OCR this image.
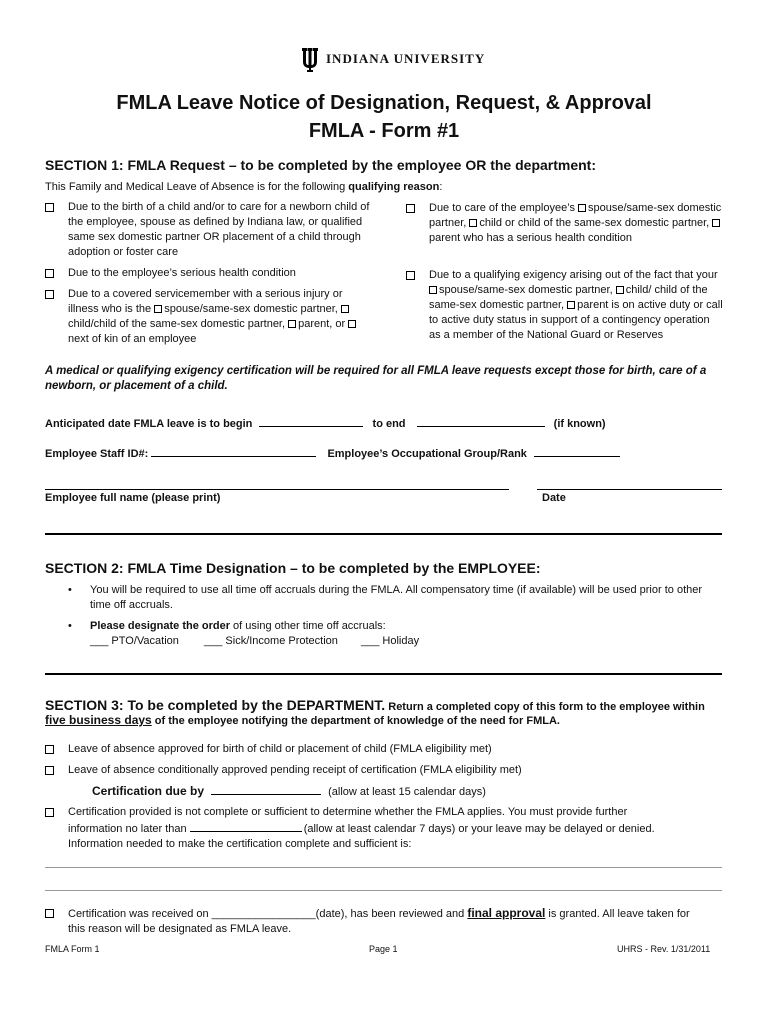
INDIANA UNIVERSITY
FMLA Leave Notice of Designation, Request, & Approval
FMLA - Form #1
SECTION 1: FMLA Request – to be completed by the employee OR the department:
This Family and Medical Leave of Absence is for the following qualifying reason:
Due to the birth of a child and/or to care for a newborn child of the employee, spouse as defined by Indiana law, or qualified same sex domestic partner OR placement of a child through adoption or foster care
Due to the employee’s serious health condition
Due to a covered servicemember with a serious injury or illness who is the spouse/same-sex domestic partner, child/child of the same-sex domestic partner, parent, or next of kin of an employee
Due to care of the employee’s spouse/same-sex domestic partner, child or child of the same-sex domestic partner, parent who has a serious health condition
Due to a qualifying exigency arising out of the fact that your spouse/same-sex domestic partner, child/ child of the same-sex domestic partner, parent is on active duty or call to active duty status in support of a contingency operation as a member of the National Guard or Reserves
A medical or qualifying exigency certification will be required for all FMLA leave requests except those for birth, care of a newborn, or placement of a child.
Anticipated date FMLA leave is to begin	to end	(if known)
Employee Staff ID#:	Employee’s Occupational Group/Rank
Employee full name (please print)	Date
SECTION 2: FMLA Time Designation – to be completed by the EMPLOYEE:
• You will be required to use all time off accruals during the FMLA. All compensatory time (if available) will be used prior to other time off accruals.
• Please designate the order of using other time off accruals:
___ PTO/Vacation ___ Sick/Income Protection ___ Holiday
SECTION 3: To be completed by the DEPARTMENT. Return a completed copy of this form to the employee within
five business days of the employee notifying the department of knowledge of the need for FMLA.
Leave of absence approved for birth of child or placement of child (FMLA eligibility met)
Leave of absence conditionally approved pending receipt of certification (FMLA eligibility met)
Certification due by	(allow at least 15 calendar days)
Certification provided is not complete or sufficient to determine whether the FMLA applies. You must provide further
information no later than	(allow at least calendar 7 days) or your leave may be delayed or denied.
Information needed to make the certification complete and sufficient is:
Certification was received on _________________(date), has been reviewed and final approval is granted. All leave taken for
this reason will be designated as FMLA leave.
FMLA Form 1	Page 1	UHRS - Rev. 1/31/2011
